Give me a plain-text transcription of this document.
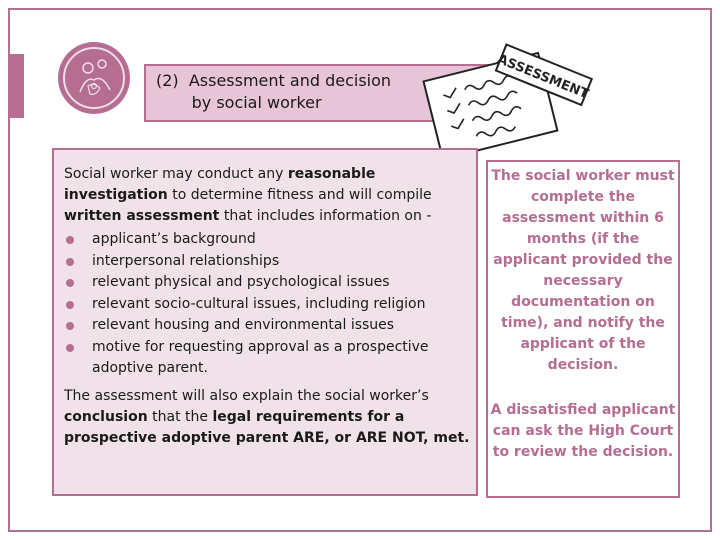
(2)  Assessment and decision
by social worker
ASSESSMENT

Social worker may conduct any reasonable investigation to determine fitness and will compile written assessment that includes information on -

applicant’s background
interpersonal relationships
relevant physical and psychological issues
relevant socio-cultural issues, including religion
relevant housing and environmental issues
motive for requesting approval as a prospective adoptive parent.

The assessment will also explain the social worker’s conclusion that the legal requirements for a prospective adoptive parent ARE, or ARE NOT, met.

The social worker must complete the assessment within 6 months (if the applicant provided the necessary documentation on time), and notify the applicant of the decision.
A dissatisfied applicant can ask the High Court to review the decision.
